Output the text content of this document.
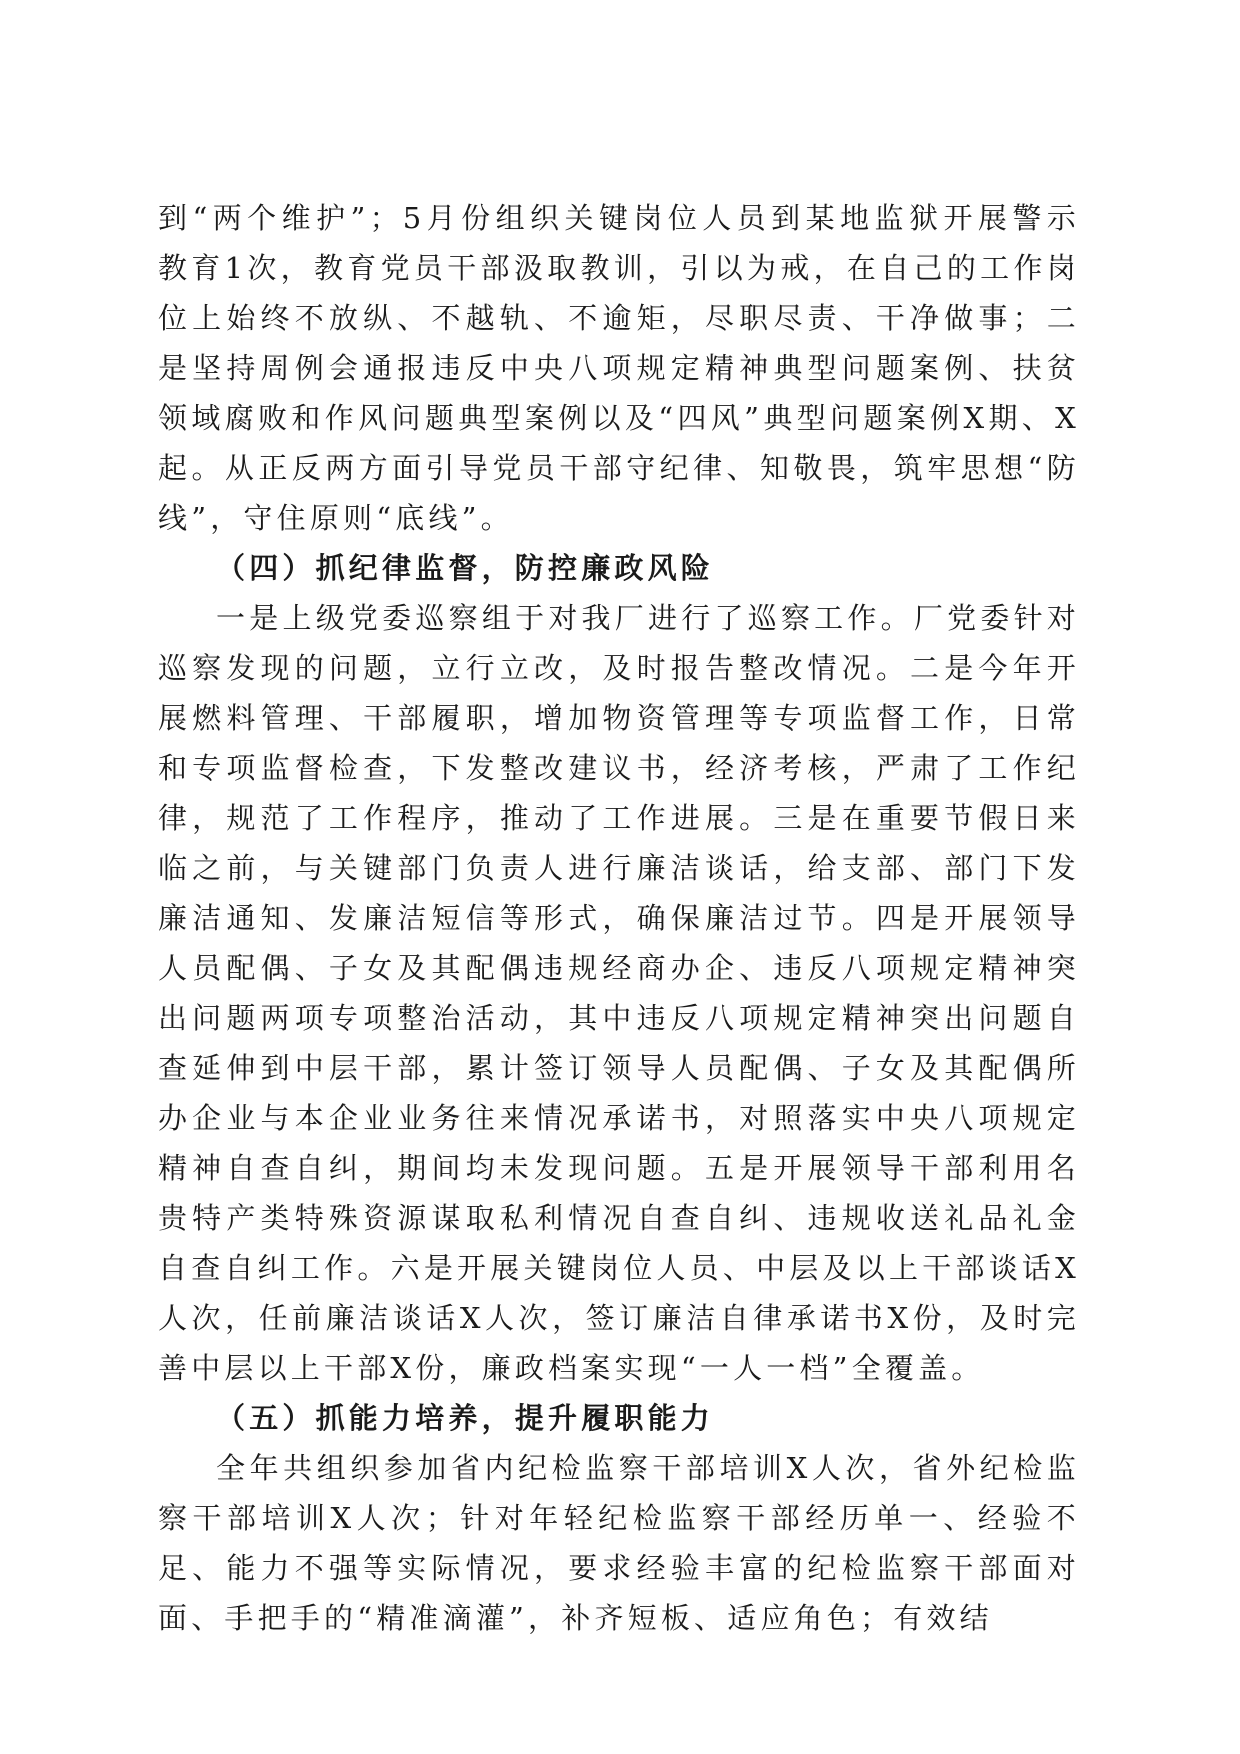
到“两个维护”；5月份组织关键岗位人员到某地监狱开展警示教育1次，教育党员干部汲取教训，引以为戒，在自己的工作岗位上始终不放纵、不越轨、不逾矩，尽职尽责、干净做事；二是坚持周例会通报违反中央八项规定精神典型问题案例、扶贫领域腐败和作风问题典型案例以及“四风”典型问题案例X期、X起。从正反两方面引导党员干部守纪律、知敬畏，筑牢思想“防线”，守住原则“底线”。

（四）抓纪律监督，防控廉政风险

一是上级党委巡察组于对我厂进行了巡察工作。厂党委针对巡察发现的问题，立行立改，及时报告整改情况。二是今年开展燃料管理、干部履职，增加物资管理等专项监督工作，日常和专项监督检查，下发整改建议书，经济考核，严肃了工作纪律，规范了工作程序，推动了工作进展。三是在重要节假日来临之前，与关键部门负责人进行廉洁谈话，给支部、部门下发廉洁通知、发廉洁短信等形式，确保廉洁过节。四是开展领导人员配偶、子女及其配偶违规经商办企、违反八项规定精神突出问题两项专项整治活动，其中违反八项规定精神突出问题自查延伸到中层干部，累计签订领导人员配偶、子女及其配偶所办企业与本企业业务往来情况承诺书，对照落实中央八项规定精神自查自纠，期间均未发现问题。五是开展领导干部利用名贵特产类特殊资源谋取私利情况自查自纠、违规收送礼品礼金自查自纠工作。六是开展关键岗位人员、中层及以上干部谈话X人次，任前廉洁谈话X人次，签订廉洁自律承诺书X份，及时完善中层以上干部X份，廉政档案实现“一人一档”全覆盖。

（五）抓能力培养，提升履职能力

全年共组织参加省内纪检监察干部培训X人次，省外纪检监察干部培训X人次；针对年轻纪检监察干部经历单一、经验不足、能力不强等实际情况，要求经验丰富的纪检监察干部面对面、手把手的“精准滴灌”，补齐短板、适应角色；有效结
